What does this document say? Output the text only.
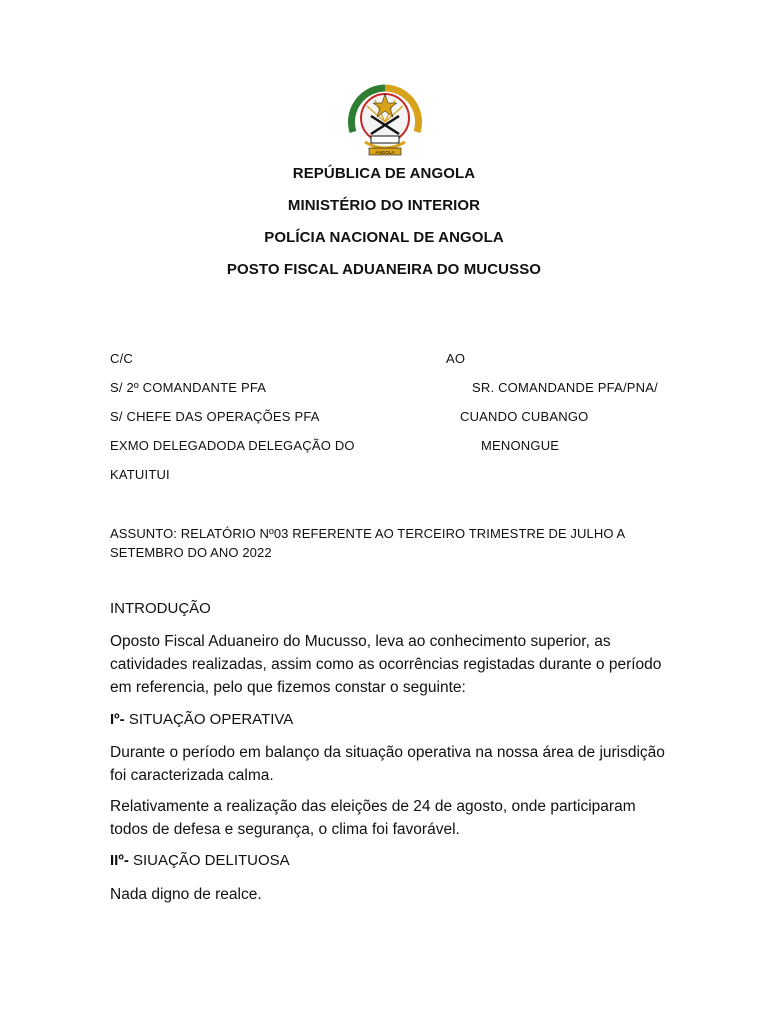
ANGOLA
REPÚBLICA DE ANGOLA
MINISTÉRIO DO INTERIOR
POLÍCIA NACIONAL DE ANGOLA
POSTO FISCAL ADUANEIRA DO MUCUSSO
C/C
S/ 2º COMANDANTE PFA
S/ CHEFE DAS OPERAÇÕES PFA
EXMO DELEGADODA DELEGAÇÃO DO
KATUITUI
AO
SR. COMANDANDE PFA/PNA/
CUANDO CUBANGO
MENONGUE
ASSUNTO: RELATÓRIO Nº03 REFERENTE AO TERCEIRO TRIMESTRE DE JULHO A SETEMBRO DO ANO 2022
INTRODUÇÃO
Oposto Fiscal Aduaneiro do Mucusso, leva ao conhecimento superior, as catividades realizadas, assim como as ocorrências registadas durante o período em referencia, pelo que fizemos constar o seguinte:
Iº- SITUAÇÃO OPERATIVA
Durante o período em balanço da situação operativa na nossa área de jurisdição foi caracterizada calma.
Relativamente a realização das eleições de 24 de agosto, onde participaram todos de defesa e segurança, o clima foi favorável.
IIº- SIUAÇÃO DELITUOSA
Nada digno de realce.
